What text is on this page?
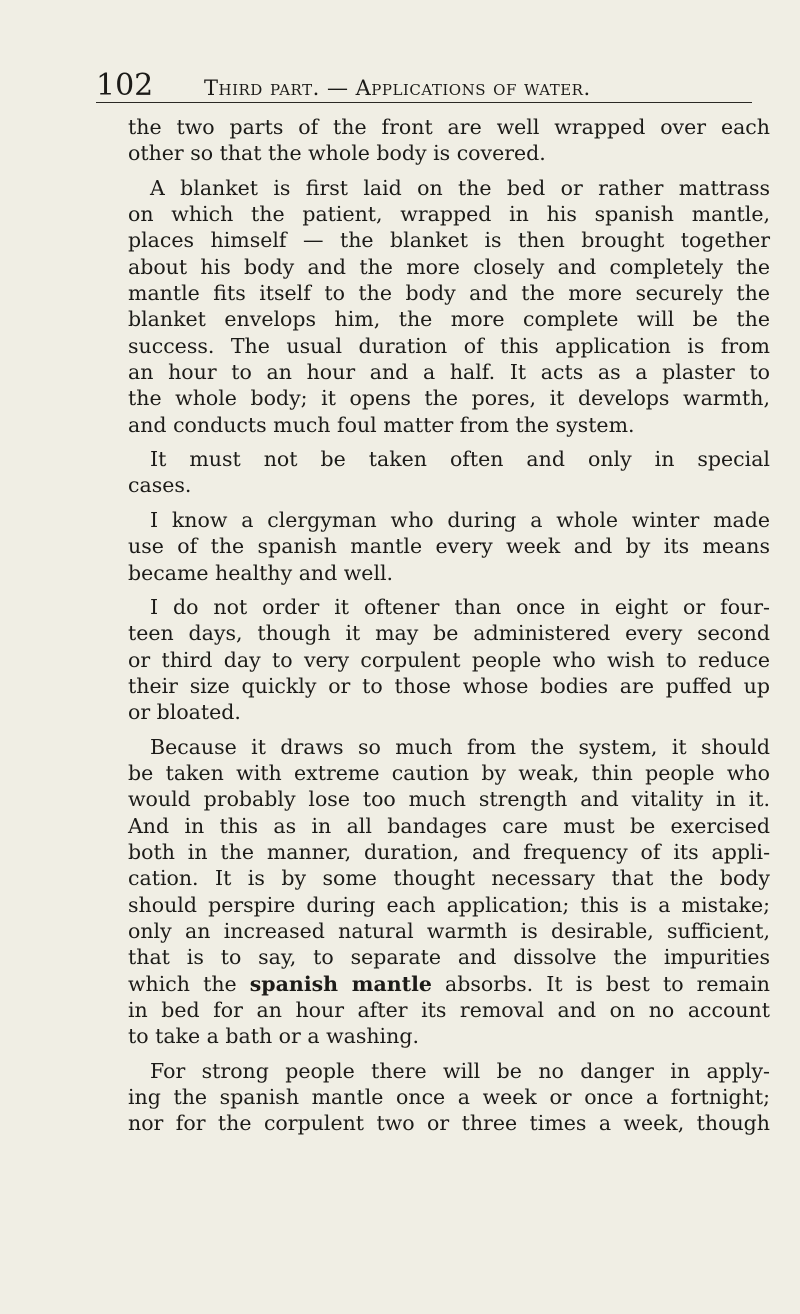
102 Third part. — Applications of water.
the two parts of the front are well wrapped over each
other so that the whole body is covered.
A blanket is first laid on the bed or rather mattrass
on which the patient, wrapped in his spanish mantle,
places himself — the blanket is then brought together
about his body and the more closely and completely the
mantle fits itself to the body and the more securely the
blanket envelops him, the more complete will be the
success. The usual duration of this application is from
an hour to an hour and a half. It acts as a plaster to
the whole body; it opens the pores, it develops warmth,
and conducts much foul matter from the system.
It must not be taken often and only in special
cases.
I know a clergyman who during a whole winter made
use of the spanish mantle every week and by its means
became healthy and well.
I do not order it oftener than once in eight or four-
teen days, though it may be administered every second
or third day to very corpulent people who wish to reduce
their size quickly or to those whose bodies are puffed up
or bloated.
Because it draws so much from the system, it should
be taken with extreme caution by weak, thin people who
would probably lose too much strength and vitality in it.
And in this as in all bandages care must be exercised
both in the manner, duration, and frequency of its appli-
cation. It is by some thought necessary that the body
should perspire during each application; this is a mistake;
only an increased natural warmth is desirable, sufficient,
that is to say, to separate and dissolve the impurities
which the spanish mantle absorbs. It is best to remain
in bed for an hour after its removal and on no account
to take a bath or a washing.
For strong people there will be no danger in apply-
ing the spanish mantle once a week or once a fortnight;
nor for the corpulent two or three times a week, though
